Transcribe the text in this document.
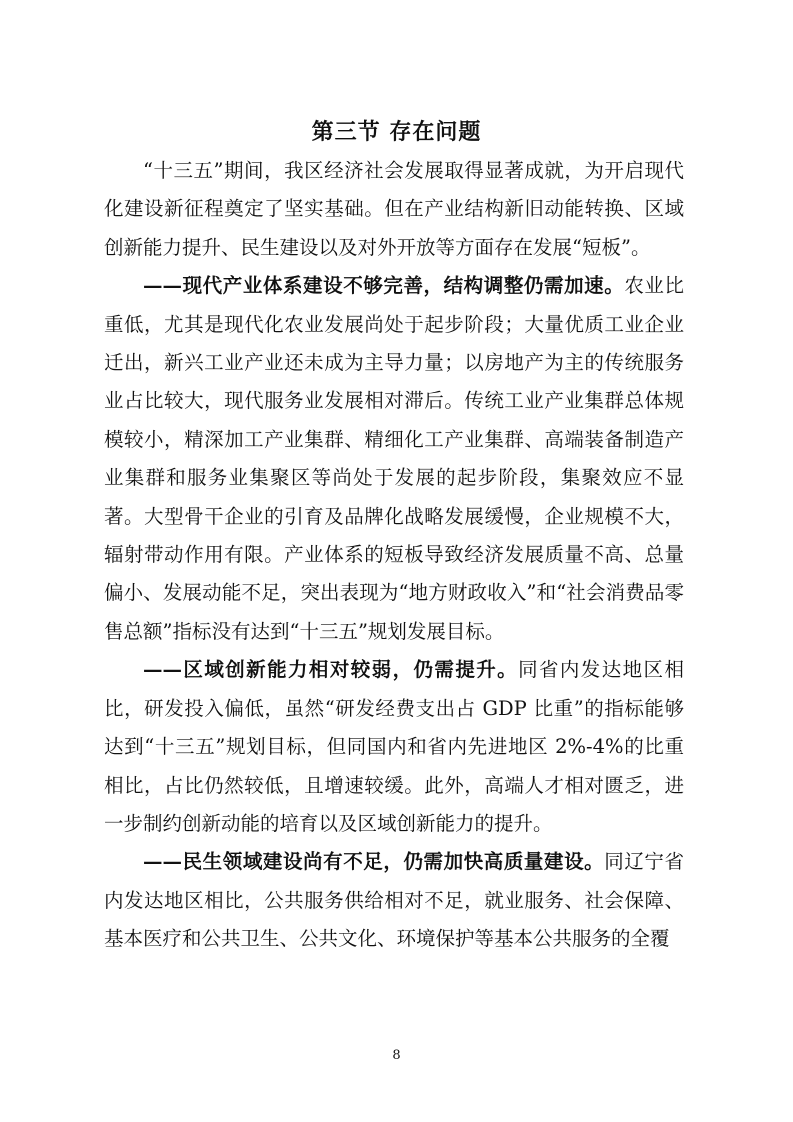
第三节 存在问题

“十三五”期间，我区经济社会发展取得显著成就，为开启现代化建设新征程奠定了坚实基础。但在产业结构新旧动能转换、区域创新能力提升、民生建设以及对外开放等方面存在发展“短板”。

——现代产业体系建设不够完善，结构调整仍需加速。农业比重低，尤其是现代化农业发展尚处于起步阶段；大量优质工业企业迁出，新兴工业产业还未成为主导力量；以房地产为主的传统服务业占比较大，现代服务业发展相对滞后。传统工业产业集群总体规模较小，精深加工产业集群、精细化工产业集群、高端装备制造产业集群和服务业集聚区等尚处于发展的起步阶段，集聚效应不显著。大型骨干企业的引育及品牌化战略发展缓慢，企业规模不大，辐射带动作用有限。产业体系的短板导致经济发展质量不高、总量偏小、发展动能不足，突出表现为“地方财政收入”和“社会消费品零售总额”指标没有达到“十三五”规划发展目标。

——区域创新能力相对较弱，仍需提升。同省内发达地区相比，研发投入偏低，虽然“研发经费支出占 GDP 比重”的指标能够达到“十三五”规划目标，但同国内和省内先进地区 2%-4%的比重相比，占比仍然较低，且增速较缓。此外，高端人才相对匮乏，进一步制约创新动能的培育以及区域创新能力的提升。

——民生领域建设尚有不足，仍需加快高质量建设。同辽宁省内发达地区相比，公共服务供给相对不足，就业服务、社会保障、基本医疗和公共卫生、公共文化、环境保护等基本公共服务的全覆

8
